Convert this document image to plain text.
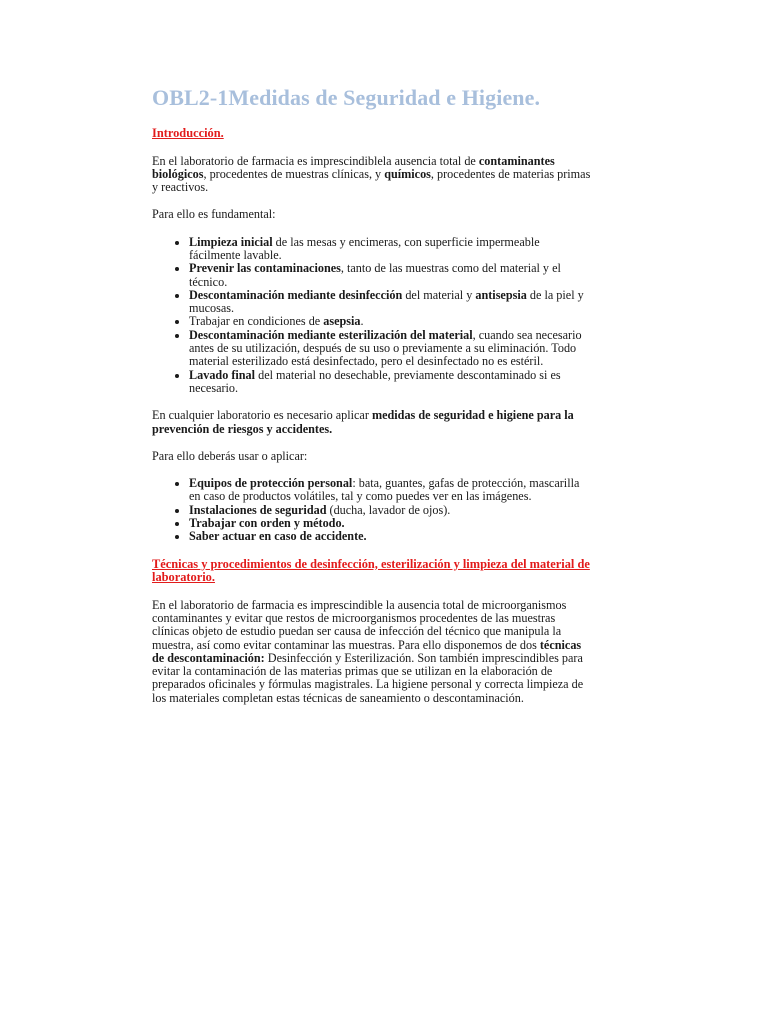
OBL2-1Medidas de Seguridad e Higiene.
Introducción.

En el laboratorio de farmacia es imprescindiblela ausencia total de contaminantes biológicos, procedentes de muestras clínicas, y químicos, procedentes de materias primas y reactivos.

Para ello es fundamental:

• Limpieza inicial de las mesas y encimeras, con superficie impermeable fácilmente lavable.
• Prevenir las contaminaciones, tanto de las muestras como del material y el técnico.
• Descontaminación mediante desinfección del material y antisepsia de la piel y mucosas.
• Trabajar en condiciones de asepsia.
• Descontaminación mediante esterilización del material, cuando sea necesario antes de su utilización, después de su uso o previamente a su eliminación. Todo material esterilizado está desinfectado, pero el desinfectado no es estéril.
• Lavado final del material no desechable, previamente descontaminado si es necesario.

En cualquier laboratorio es necesario aplicar medidas de seguridad e higiene para la prevención de riesgos y accidentes.

Para ello deberás usar o aplicar:

• Equipos de protección personal: bata, guantes, gafas de protección, mascarilla en caso de productos volátiles, tal y como puedes ver en las imágenes.
• Instalaciones de seguridad (ducha, lavador de ojos).
• Trabajar con orden y método.
• Saber actuar en caso de accidente.
Técnicas y procedimientos de desinfección, esterilización y limpieza del material de laboratorio.

En el laboratorio de farmacia es imprescindible la ausencia total de microorganismos contaminantes y evitar que restos de microorganismos procedentes de las muestras clínicas objeto de estudio puedan ser causa de infección del técnico que manipula la muestra, así como evitar contaminar las muestras. Para ello disponemos de dos técnicas de descontaminación: Desinfección y Esterilización. Son también imprescindibles para evitar la contaminación de las materias primas que se utilizan en la elaboración de preparados oficinales y fórmulas magistrales. La higiene personal y correcta limpieza de los materiales completan estas técnicas de saneamiento o descontaminación.
